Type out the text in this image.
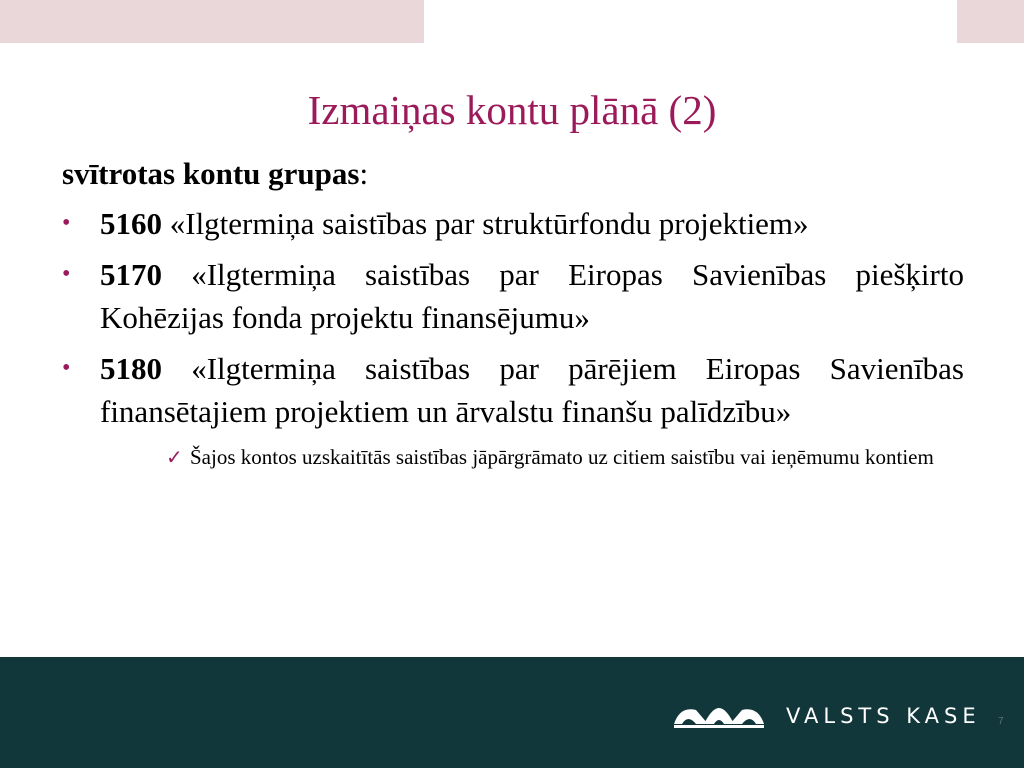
Izmaiņas kontu plānā (2)
svītrotas kontu grupas:
• 5160 «Ilgtermiņa saistības par struktūrfondu projektiem»
• 5170 «Ilgtermiņa saistības par Eiropas Savienības piešķirto Kohēzijas fonda projektu finansējumu»
• 5180 «Ilgtermiņa saistības par pārējiem Eiropas Savienības finansētajiem projektiem un ārvalstu finanšu palīdzību»
✓ Šajos kontos uzskaitītās saistības jāpārgrāmato uz citiem saistību vai ieņēmumu kontiem
VALSTS KASE 7
